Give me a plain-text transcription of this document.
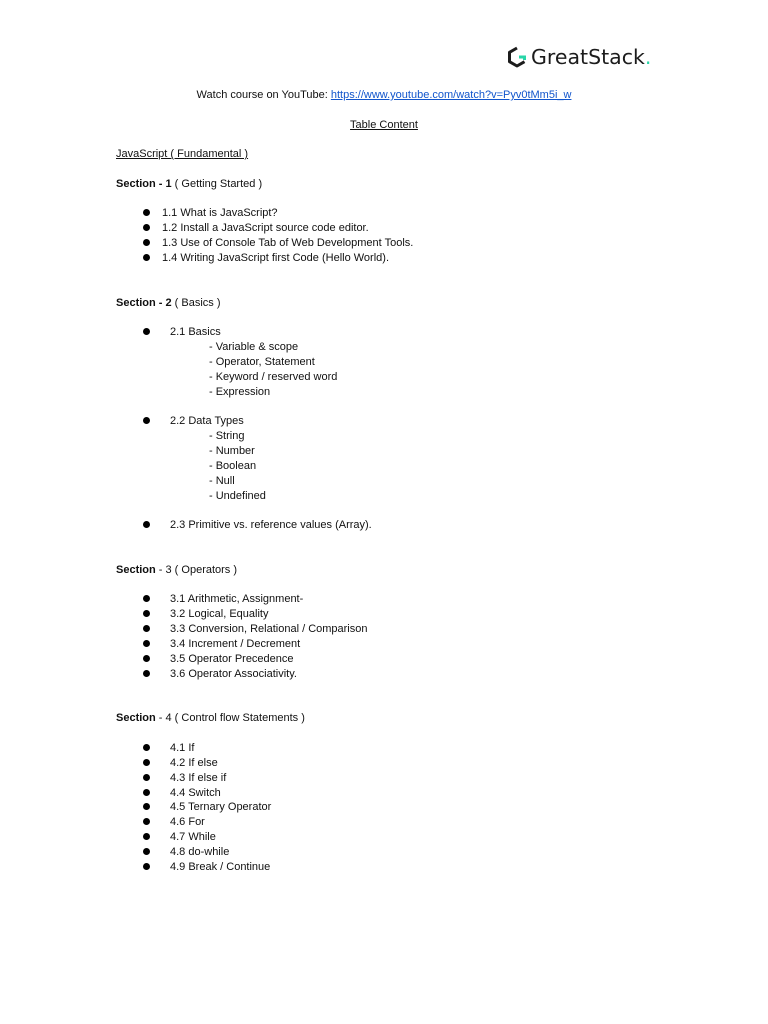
GreatStack.
Watch course on YouTube: https://www.youtube.com/watch?v=Pyv0tMm5i_w
Table Content
JavaScript ( Fundamental )
Section - 1 ( Getting Started )
Section - 2 ( Basics )
Section - 3 ( Operators )
Section - 4 ( Control flow Statements )
1.1 What is JavaScript?
1.2 Install a JavaScript source code editor.
1.3 Use of Console Tab of Web Development Tools.
1.4 Writing JavaScript first Code (Hello World).
2.1 Basics
- Variable & scope
- Operator, Statement
- Keyword / reserved word
- Expression
2.2 Data Types
- String
- Number
- Boolean
- Null
- Undefined
2.3 Primitive vs. reference values (Array).
3.1 Arithmetic, Assignment-
3.2 Logical, Equality
3.3 Conversion, Relational / Comparison
3.4 Increment / Decrement
3.5 Operator Precedence
3.6 Operator Associativity.
4.1 If
4.2 If else
4.3 If else if
4.4 Switch
4.5 Ternary Operator
4.6 For
4.7 While
4.8 do-while
4.9 Break / Continue
